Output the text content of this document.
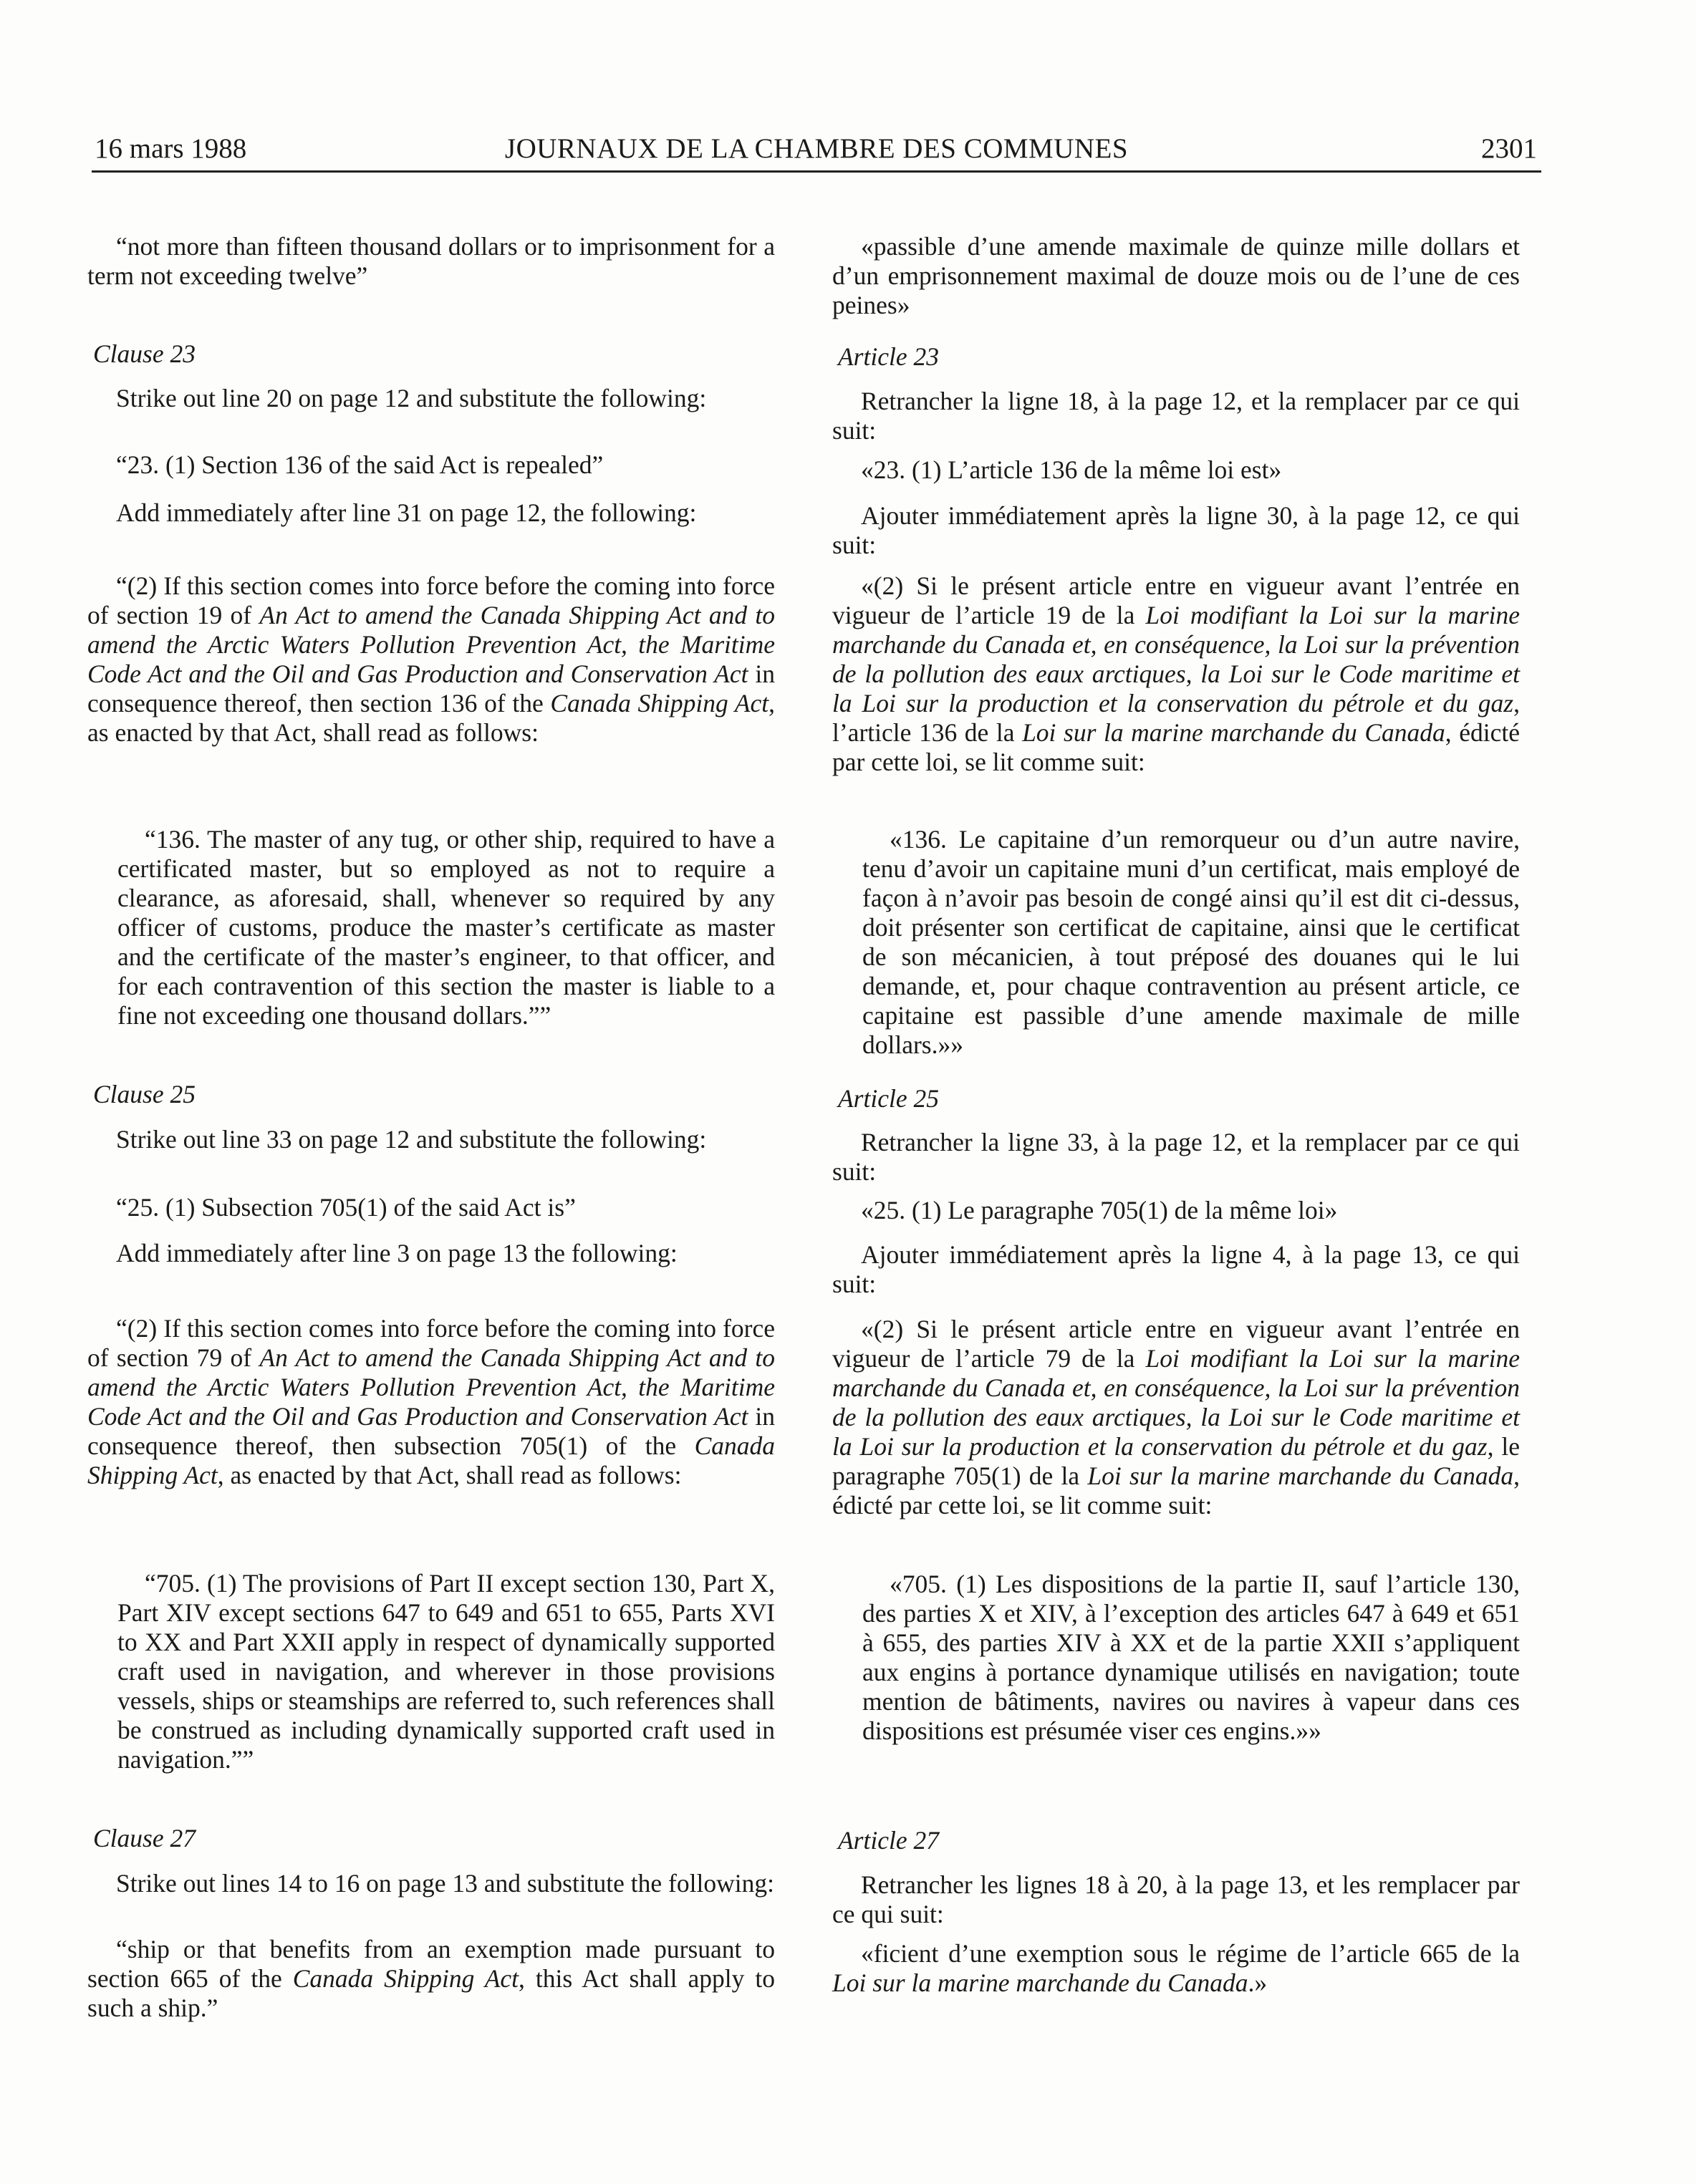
16 mars 1988	JOURNAUX DE LA CHAMBRE DES COMMUNES	2301

“not more than fifteen thousand dollars or to imprisonment for a term not exceeding twelve”

Clause 23

Strike out line 20 on page 12 and substitute the following:

“23. (1) Section 136 of the said Act is repealed”

Add immediately after line 31 on page 12, the following:

“(2) If this section comes into force before the coming into force of section 19 of An Act to amend the Canada Shipping Act and to amend the Arctic Waters Pollution Prevention Act, the Maritime Code Act and the Oil and Gas Production and Conservation Act in consequence thereof, then section 136 of the Canada Shipping Act, as enacted by that Act, shall read as follows:

“136. The master of any tug, or other ship, required to have a certificated master, but so employed as not to require a clearance, as aforesaid, shall, whenever so required by any officer of customs, produce the master’s certificate as master and the certificate of the master’s engineer, to that officer, and for each contravention of this section the master is liable to a fine not exceeding one thousand dollars.””

Clause 25

Strike out line 33 on page 12 and substitute the following:

“25. (1) Subsection 705(1) of the said Act is”

Add immediately after line 3 on page 13 the following:

“(2) If this section comes into force before the coming into force of section 79 of An Act to amend the Canada Shipping Act and to amend the Arctic Waters Pollution Prevention Act, the Maritime Code Act and the Oil and Gas Production and Conservation Act in consequence thereof, then subsection 705(1) of the Canada Shipping Act, as enacted by that Act, shall read as follows:

“705. (1) The provisions of Part II except section 130, Part X, Part XIV except sections 647 to 649 and 651 to 655, Parts XVI to XX and Part XXII apply in respect of dynamically supported craft used in navigation, and wherever in those provisions vessels, ships or steamships are referred to, such references shall be construed as including dynamically supported craft used in navigation.””

Clause 27

Strike out lines 14 to 16 on page 13 and substitute the following:

“ship or that benefits from an exemption made pursuant to section 665 of the Canada Shipping Act, this Act shall apply to such a ship.”

«passible d’une amende maximale de quinze mille dollars et d’un emprisonnement maximal de douze mois ou de l’une de ces peines»

Article 23

Retrancher la ligne 18, à la page 12, et la remplacer par ce qui suit:

«23. (1) L’article 136 de la même loi est»

Ajouter immédiatement après la ligne 30, à la page 12, ce qui suit:

«(2) Si le présent article entre en vigueur avant l’entrée en vigueur de l’article 19 de la Loi modifiant la Loi sur la marine marchande du Canada et, en conséquence, la Loi sur la prévention de la pollution des eaux arctiques, la Loi sur le Code maritime et la Loi sur la production et la conservation du pétrole et du gaz, l’article 136 de la Loi sur la marine marchande du Canada, édicté par cette loi, se lit comme suit:

«136. Le capitaine d’un remorqueur ou d’un autre navire, tenu d’avoir un capitaine muni d’un certificat, mais employé de façon à n’avoir pas besoin de congé ainsi qu’il est dit ci-dessus, doit présenter son certificat de capitaine, ainsi que le certificat de son mécanicien, à tout préposé des douanes qui le lui demande, et, pour chaque contravention au présent article, ce capitaine est passible d’une amende maximale de mille dollars.»»

Article 25

Retrancher la ligne 33, à la page 12, et la remplacer par ce qui suit:

«25. (1) Le paragraphe 705(1) de la même loi»

Ajouter immédiatement après la ligne 4, à la page 13, ce qui suit:

«(2) Si le présent article entre en vigueur avant l’entrée en vigueur de l’article 79 de la Loi modifiant la Loi sur la marine marchande du Canada et, en conséquence, la Loi sur la prévention de la pollution des eaux arctiques, la Loi sur le Code maritime et la Loi sur la production et la conservation du pétrole et du gaz, le paragraphe 705(1) de la Loi sur la marine marchande du Canada, édicté par cette loi, se lit comme suit:

«705. (1) Les dispositions de la partie II, sauf l’article 130, des parties X et XIV, à l’exception des articles 647 à 649 et 651 à 655, des parties XIV à XX et de la partie XXII s’appliquent aux engins à portance dynamique utilisés en navigation; toute mention de bâtiments, navires ou navires à vapeur dans ces dispositions est présumée viser ces engins.»»

Article 27

Retrancher les lignes 18 à 20, à la page 13, et les remplacer par ce qui suit:

«ficient d’une exemption sous le régime de l’article 665 de la Loi sur la marine marchande du Canada.»
